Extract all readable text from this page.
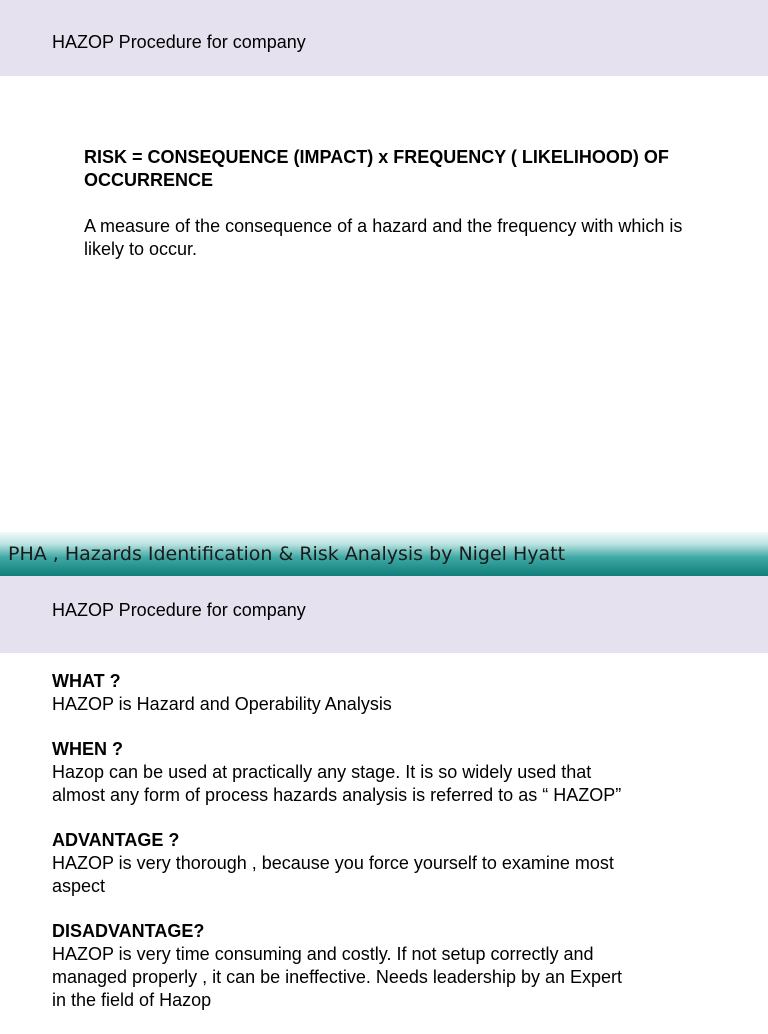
HAZOP Procedure for company

RISK = CONSEQUENCE (IMPACT) x FREQUENCY ( LIKELIHOOD) OF OCCURRENCE

A measure of the consequence of a hazard and the frequency with which is likely to occur.

PHA , Hazards Identification & Risk Analysis by Nigel Hyatt
HAZOP Procedure for company

WHAT ?

HAZOP is Hazard and Operability Analysis

WHEN ?

Hazop can be used at practically any stage. It is so widely used that almost any form of process hazards analysis is referred to as “ HAZOP”

ADVANTAGE ?

HAZOP is very thorough , because you force yourself to examine most aspect

DISADVANTAGE?

HAZOP is very time consuming and costly. If not setup correctly and managed properly , it can be ineffective. Needs leadership by an Expert in the field of Hazop
